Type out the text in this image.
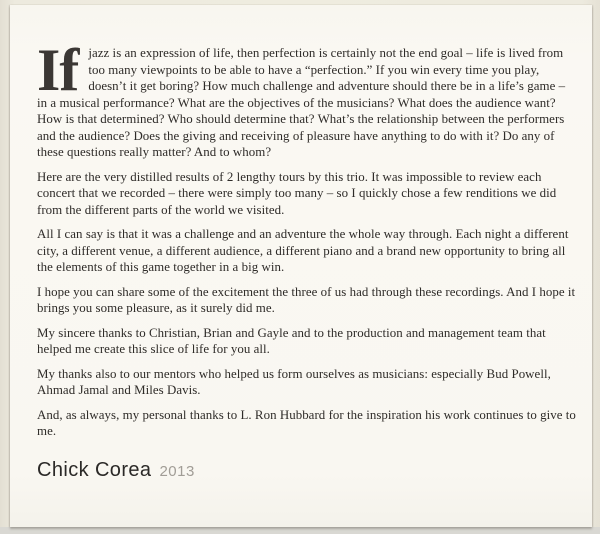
If jazz is an expression of life, then perfection is certainly not the end goal – life is lived from too many viewpoints to be able to have a “perfection.” If you win every time you play, doesn’t it get boring? How much challenge and adventure should there be in a life’s game – in a musical performance? What are the objectives of the musicians? What does the audience want? How is that determined? Who should determine that? What’s the relationship between the performers and the audience? Does the giving and receiving of pleasure have anything to do with it? Do any of these questions really matter? And to whom?

Here are the very distilled results of 2 lengthy tours by this trio. It was impossible to review each concert that we recorded – there were simply too many – so I quickly chose a few renditions we did from the different parts of the world we visited.

All I can say is that it was a challenge and an adventure the whole way through. Each night a different city, a different venue, a different audience, a different piano and a brand new opportunity to bring all the elements of this game together in a big win.

I hope you can share some of the excitement the three of us had through these recordings. And I hope it brings you some pleasure, as it surely did me.

My sincere thanks to Christian, Brian and Gayle and to the production and management team that helped me create this slice of life for you all.

My thanks also to our mentors who helped us form ourselves as musicians: especially Bud Powell, Ahmad Jamal and Miles Davis.

And, as always, my personal thanks to L. Ron Hubbard for the inspiration his work continues to give to me.

Chick Corea 2013
